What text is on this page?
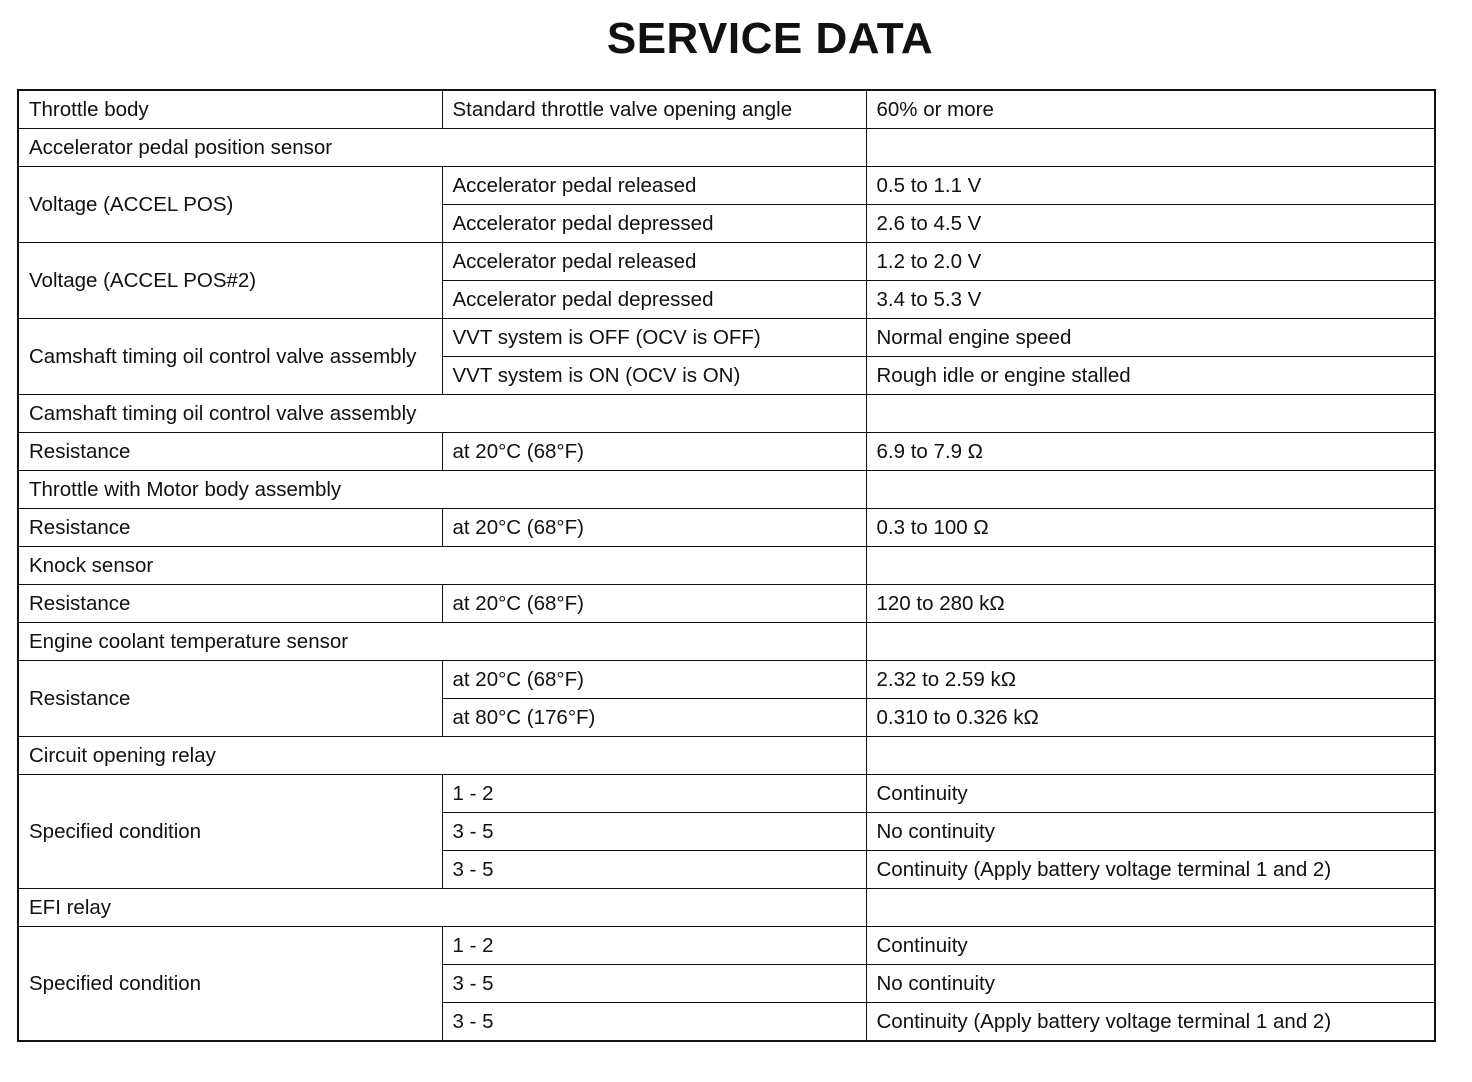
SERVICE DATA
Throttle body	Standard throttle valve opening angle	60% or more
Accelerator pedal position sensor		
Voltage (ACCEL POS)	Accelerator pedal released	0.5 to 1.1 V
	Accelerator pedal depressed	2.6 to 4.5 V
Voltage (ACCEL POS#2)	Accelerator pedal released	1.2 to 2.0 V
	Accelerator pedal depressed	3.4 to 5.3 V
Camshaft timing oil control valve assembly	VVT system is OFF (OCV is OFF)	Normal engine speed
	VVT system is ON (OCV is ON)	Rough idle or engine stalled
Camshaft timing oil control valve assembly		
Resistance	at 20°C (68°F)	6.9 to 7.9 Ω
Throttle with Motor body assembly		
Resistance	at 20°C (68°F)	0.3 to 100 Ω
Knock sensor		
Resistance	at 20°C (68°F)	120 to 280 kΩ
Engine coolant temperature sensor		
Resistance	at 20°C (68°F)	2.32 to 2.59 kΩ
	at 80°C (176°F)	0.310 to 0.326 kΩ
Circuit opening relay		
Specified condition	1 - 2	Continuity
	3 - 5	No continuity
	3 - 5	Continuity (Apply battery voltage terminal 1 and 2)
EFI relay		
Specified condition	1 - 2	Continuity
	3 - 5	No continuity
	3 - 5	Continuity (Apply battery voltage terminal 1 and 2)
